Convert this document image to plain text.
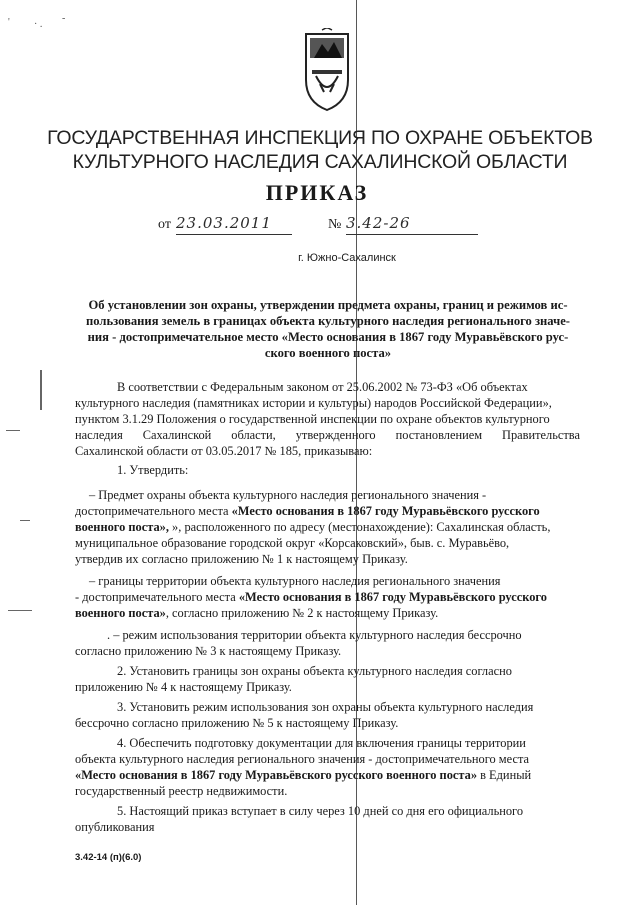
' · .
-
ГОСУДАРСТВЕННАЯ ИНСПЕКЦИЯ ПО ОХРАНЕ ОБЪЕКТОВ
КУЛЬТУРНОГО НАСЛЕДИЯ САХАЛИНСКОЙ ОБЛАСТИ
ПРИКАЗ
от 23.03.2011	№ 3.42-26
г. Южно-Сахалинск
Об установлении зон охраны, утверждении предмета охраны, границ и режимов ис-
пользования земель в границах объекта культурного наследия регионального значе-
ния - достопримечательное место «Место основания в 1867 году Муравьёвского рус-
ского военного поста»
В соответствии с Федеральным законом от 25.06.2002 № 73-ФЗ «Об объектах
культурного наследия (памятниках истории и культуры) народов Российской Федерации»,
пунктом 3.1.29 Положения о государственной инспекции по охране объектов культурного
наследия Сахалинской области, утвержденного постановлением Правительства
Сахалинской области от 03.05.2017 № 185, приказываю:
1. Утвердить:
– Предмет охраны объекта культурного наследия регионального значения -
достопримечательного места «Место основания в 1867 году Муравьёвского русского
военного поста», », расположенного по адресу (местонахождение): Сахалинская область,
муниципальное образование городской округ «Корсаковский», быв. с. Муравьёво,
утвердив их согласно приложению № 1 к настоящему Приказу.
– границы территории объекта культурного наследия регионального значения
- достопримечательного места «Место основания в 1867 году Муравьёвского русского
военного поста», согласно приложению № 2 к настоящему Приказу.
. – режим использования территории объекта культурного наследия бессрочно
согласно приложению № 3 к настоящему Приказу.
2. Установить границы зон охраны объекта культурного наследия согласно
приложению № 4 к настоящему Приказу.
3. Установить режим использования зон охраны объекта культурного наследия
бессрочно согласно приложению № 5 к настоящему Приказу.
4. Обеспечить подготовку документации для включения границы территории
объекта культурного наследия регионального значения - достопримечательного места
«Место основания в 1867 году Муравьёвского русского военного поста» в Единый
государственный реестр недвижимости.
5. Настоящий приказ вступает в силу через 10 дней со дня его официального
опубликования
3.42-14 (п)(6.0)
